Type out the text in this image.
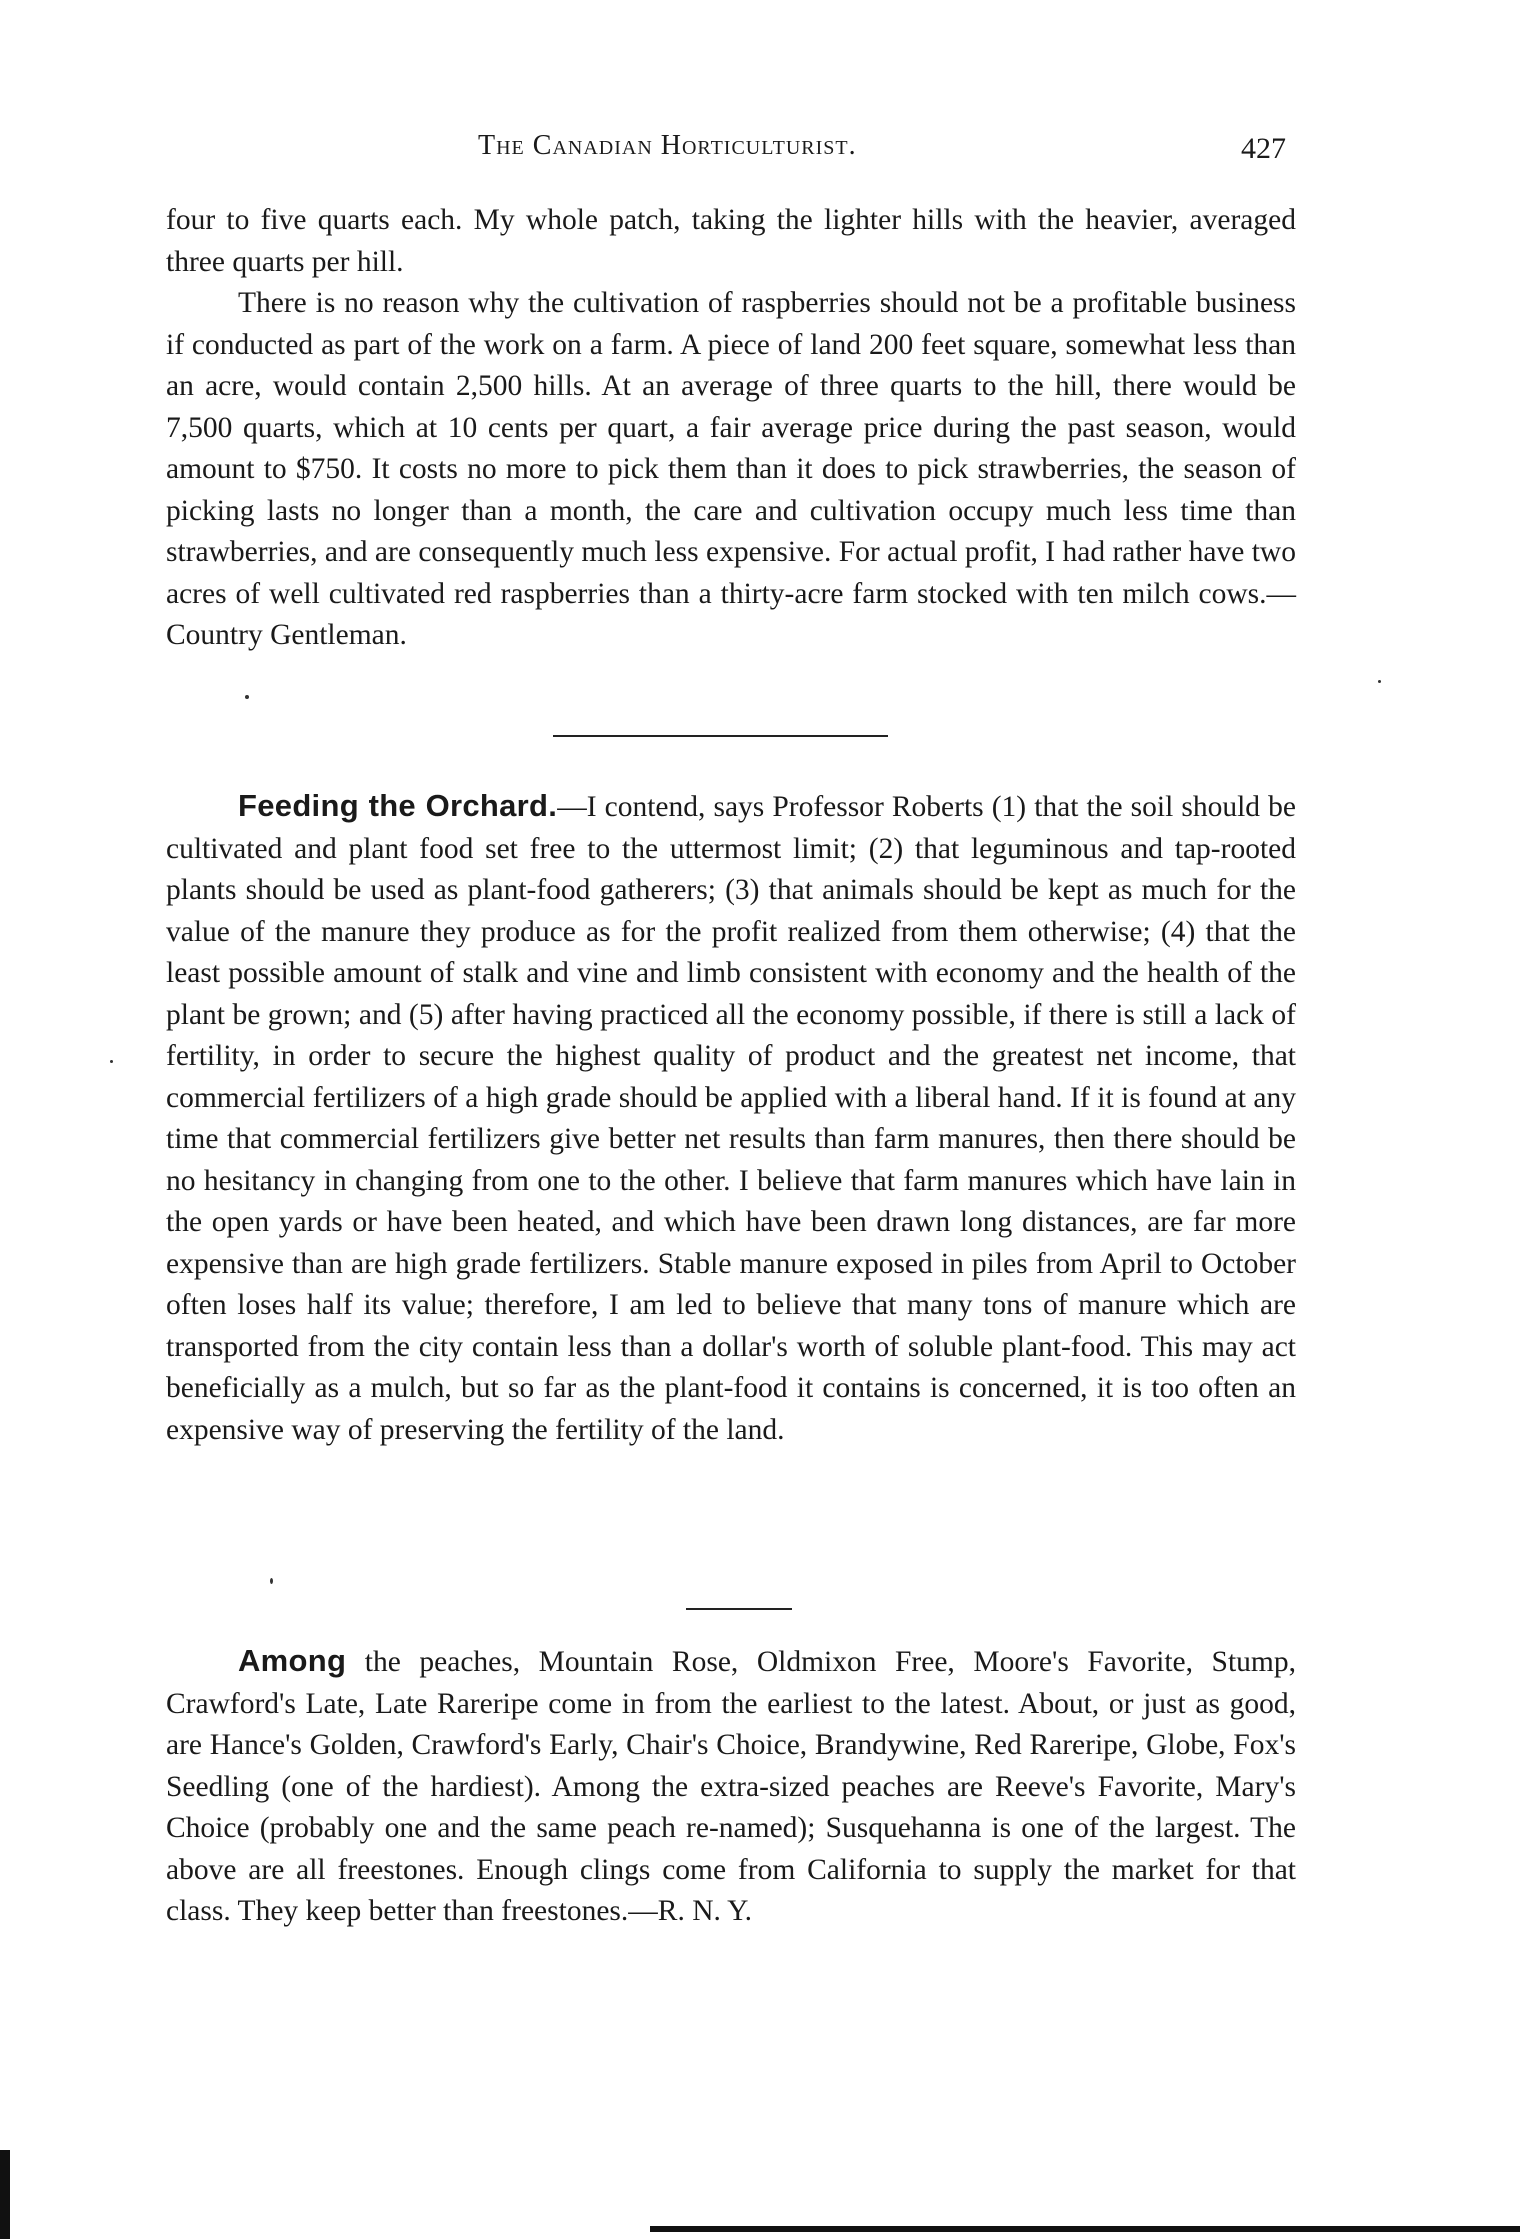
The Canadian Horticulturist.	427

four to five quarts each. My whole patch, taking the lighter hills with the heavier, averaged three quarts per hill.

There is no reason why the cultivation of raspberries should not be a profitable business if conducted as part of the work on a farm. A piece of land 200 feet square, somewhat less than an acre, would contain 2,500 hills. At an average of three quarts to the hill, there would be 7,500 quarts, which at 10 cents per quart, a fair average price during the past season, would amount to $750. It costs no more to pick them than it does to pick strawberries, the season of picking lasts no longer than a month, the care and cultivation occupy much less time than strawberries, and are consequently much less expensive. For actual profit, I had rather have two acres of well cultivated red raspberries than a thirty-acre farm stocked with ten milch cows.—Country Gentleman.

Feeding the Orchard.—I contend, says Professor Roberts (1) that the soil should be cultivated and plant food set free to the uttermost limit; (2) that leguminous and tap-rooted plants should be used as plant-food gatherers; (3) that animals should be kept as much for the value of the manure they produce as for the profit realized from them otherwise; (4) that the least possible amount of stalk and vine and limb consistent with economy and the health of the plant be grown; and (5) after having practiced all the economy possible, if there is still a lack of fertility, in order to secure the highest quality of product and the greatest net income, that commercial fertilizers of a high grade should be applied with a liberal hand. If it is found at any time that commercial fertilizers give better net results than farm manures, then there should be no hesitancy in changing from one to the other. I believe that farm manures which have lain in the open yards or have been heated, and which have been drawn long distances, are far more expensive than are high grade fertilizers. Stable manure exposed in piles from April to October often loses half its value; therefore, I am led to believe that many tons of manure which are transported from the city contain less than a dollar's worth of soluble plant-food. This may act beneficially as a mulch, but so far as the plant-food it contains is concerned, it is too often an expensive way of preserving the fertility of the land.

Among the peaches, Mountain Rose, Oldmixon Free, Moore's Favorite, Stump, Crawford's Late, Late Rareripe come in from the earliest to the latest. About, or just as good, are Hance's Golden, Crawford's Early, Chair's Choice, Brandywine, Red Rareripe, Globe, Fox's Seedling (one of the hardiest). Among the extra-sized peaches are Reeve's Favorite, Mary's Choice (probably one and the same peach re-named); Susquehanna is one of the largest. The above are all freestones. Enough clings come from California to supply the market for that class. They keep better than freestones.—R. N. Y.
